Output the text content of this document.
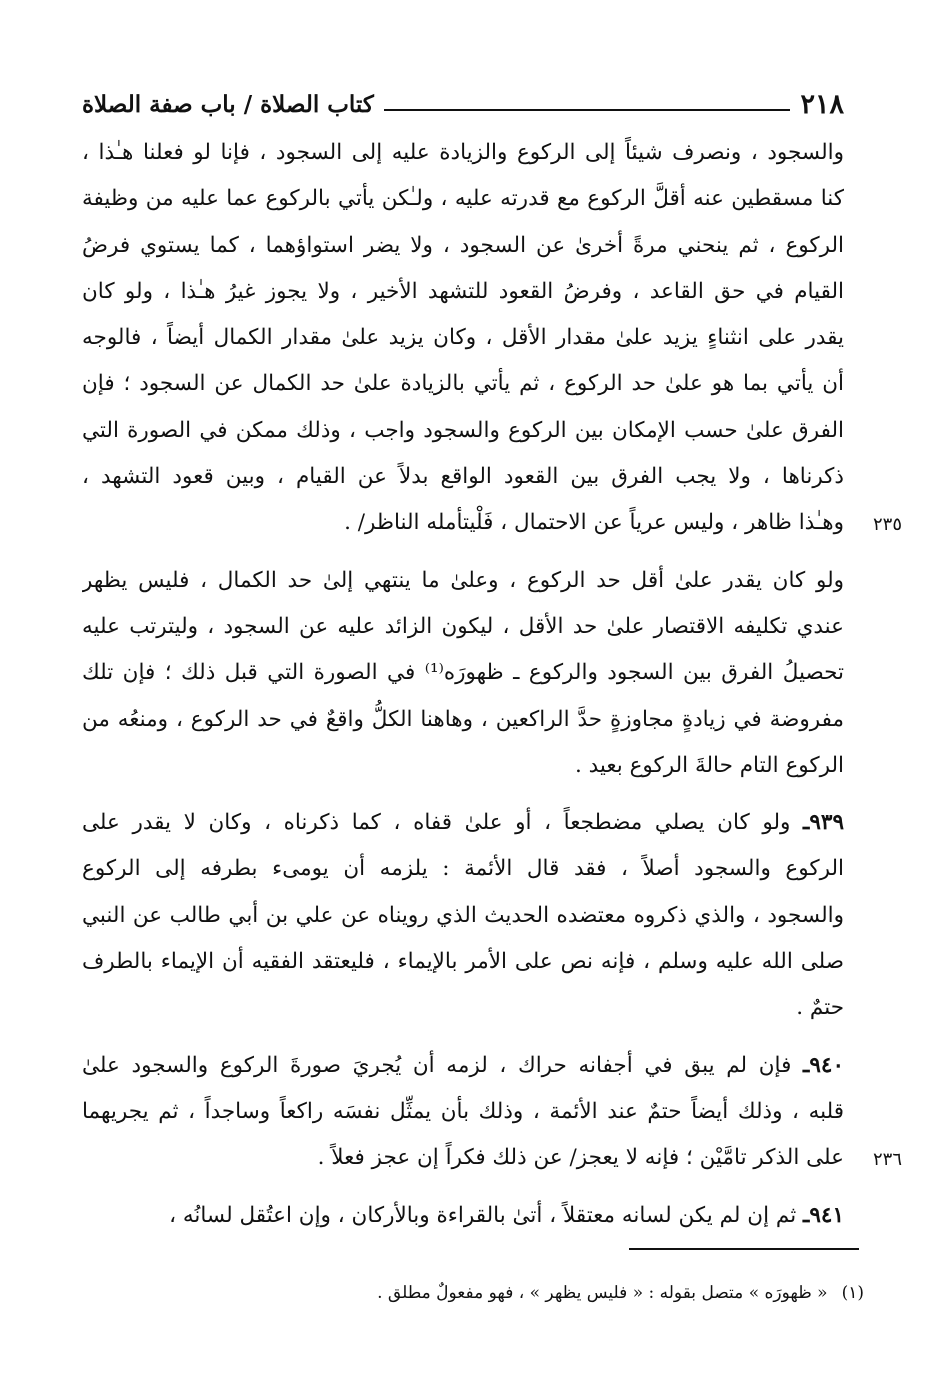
٢١٨
كتاب الصلاة / باب صفة الصلاة

والسجود ، ونصرف شيئاً إلى الركوع والزيادة عليه إلى السجود ، فإنا لو فعلنا هـٰذا ،
كنا مسقطين عنه أقلَّ الركوع مع قدرته عليه ، ولـٰكن يأتي بالركوع عما عليه من وظيفة
الركوع ، ثم ينحني مرةً أخرىٰ عن السجود ، ولا يضر استواؤهما ، كما يستوي فرضُ
القيام في حق القاعد ، وفرضُ القعود للتشهد الأخير ، ولا يجوز غيرُ هـٰذا ، ولو كان
يقدر على انثناءٍ يزيد علىٰ مقدار الأقل ، وكان يزيد علىٰ مقدار الكمال أيضاً ، فالوجه
أن يأتي بما هو علىٰ حد الركوع ، ثم يأتي بالزيادة علىٰ حد الكمال عن السجود ؛ فإن
الفرق علىٰ حسب الإمكان بين الركوع والسجود واجب ، وذلك ممكن في الصورة التي
ذكرناها ، ولا يجب الفرق بين القعود الواقع بدلاً عن القيام ، وبين قعود التشهد ،
وهـٰذا ظاهر ، وليس عرياً عن الاحتمال ، فَلْيتأمله الناظر/ . ٢٣٥

ولو كان يقدر علىٰ أقل حد الركوع ، وعلىٰ ما ينتهي إلىٰ حد الكمال ، فليس يظهر
عندي تكليفه الاقتصار علىٰ حد الأقل ، ليكون الزائد عليه عن السجود ، وليترتب عليه
تحصيلُ الفرق بين السجود والركوع ـ ظهورَه⁽¹⁾ في الصورة التي قبل ذلك ؛ فإن تلك
مفروضة في زيادةٍ مجاوزةٍ حدَّ الراكعين ، وهاهنا الكلُّ واقعٌ في حد الركوع ، ومنعُه من
الركوع التام حالةَ الركوع بعيد .

٩٣٩ـ ولو كان يصلي مضطجعاً ، أو علىٰ قفاه ، كما ذكرناه ، وكان لا يقدر على
الركوع والسجود أصلاً ، فقد قال الأئمة : يلزمه أن يومىء بطرفه إلى الركوع
والسجود ، والذي ذكروه معتضده الحديث الذي رويناه عن علي بن أبي طالب عن النبي
صلى الله عليه وسلم ، فإنه نص على الأمر بالإيماء ، فليعتقد الفقيه أن الإيماء بالطرف
حتمٌ .

٩٤٠ـ فإن لم يبق في أجفانه حراك ، لزمه أن يُجريَ صورةَ الركوع والسجود علىٰ
قلبه ، وذلك أيضاً حتمٌ عند الأئمة ، وذلك بأن يمثِّل نفسَه راكعاً وساجداً ، ثم يجريهما
على الذكر تامَّيْن ؛ فإنه لا يعجز/ عن ذلك فكراً إن عجز فعلاً . ٢٣٦

٩٤١ـ ثم إن لم يكن لسانه معتقلاً ، أتىٰ بالقراءة وبالأركان ، وإن اعتُقل لسانُه ،

(١)« ظهورَه » متصل بقوله : « فليس يظهر » ، فهو مفعولٌ مطلق .
